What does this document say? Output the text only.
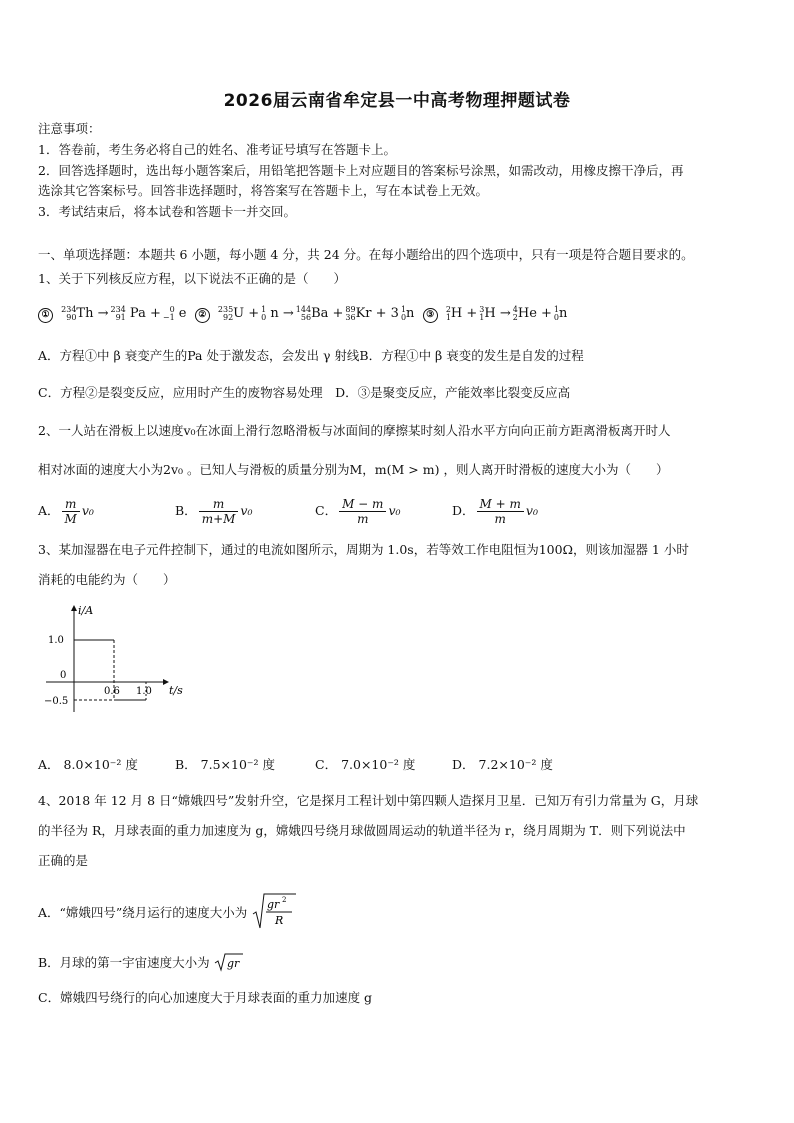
2026届云南省牟定县一中高考物理押题试卷
注意事项：
1．答卷前，考生务必将自己的姓名、准考证号填写在答题卡上。
2．回答选择题时，选出每小题答案后，用铅笔把答题卡上对应题目的答案标号涂黑，如需改动，用橡皮擦干净后，再
选涂其它答案标号。回答非选择题时，将答案写在答题卡上，写在本试卷上无效。
3．考试结束后，将本试卷和答题卡一并交回。
一、单项选择题：本题共 6 小题，每小题 4 分，共 24 分。在每小题给出的四个选项中，只有一项是符合题目要求的。
1、关于下列核反应方程，以下说法不正确的是（　　）
①
234
90 Th → 234
91 Pa +	0
−1 e  ②
235
92 U + 1
0 n → 144
56 Ba + 89
36 Kr + 3 1
0 n  ③
2
1 H + 3
1 H → 4
2 He + 1
0 n
A．方程①中 β 衰变产生的Pa 处于激发态，会发出 γ 射线B．方程①中 β 衰变的发生是自发的过程
C．方程②是裂变反应，应用时产生的废物容易处理　D．③是聚变反应，产能效率比裂变反应高
2、一人站在滑板上以速度v₀在冰面上滑行忽略滑板与冰面间的摩擦某时刻人沿水平方向向正前方距离滑板离开时人
相对冰面的速度大小为2v₀ 。已知人与滑板的质量分别为M，m(M > m) ，则人离开时滑板的速度大小为（　　）
A． $\frac{m}{M} v_0$	B． $\frac{m}{m+M} v_0$	C． $\frac{M - m}{m} v_0$	D． $\frac{M + m}{m} v_0$
3、某加湿器在电子元件控制下，通过的电流如图所示，周期为 1.0s，若等效工作电阻恒为100Ω，则该加湿器 1 小时
消耗的电能约为（　　）
i/A
t/s
1.0
0
−0.5
0.6 1.0
A． 8.0×10⁻² 度	B． 7.5×10⁻² 度	C． 7.0×10⁻² 度	D． 7.2×10⁻² 度
4、2018 年 12 月 8 日“嫦娥四号”发射升空，它是探月工程计划中第四颗人造探月卫星．已知万有引力常量为 G，月球
的半径为 R，月球表面的重力加速度为 g，嫦娥四号绕月球做圆周运动的轨道半径为 r，绕月周期为 T．则下列说法中
正确的是
A．“嫦娥四号”绕月运行的速度大小为
gr 2
R
B．月球的第一宇宙速度大小为 gr
C．嫦娥四号绕行的向心加速度大于月球表面的重力加速度 g
